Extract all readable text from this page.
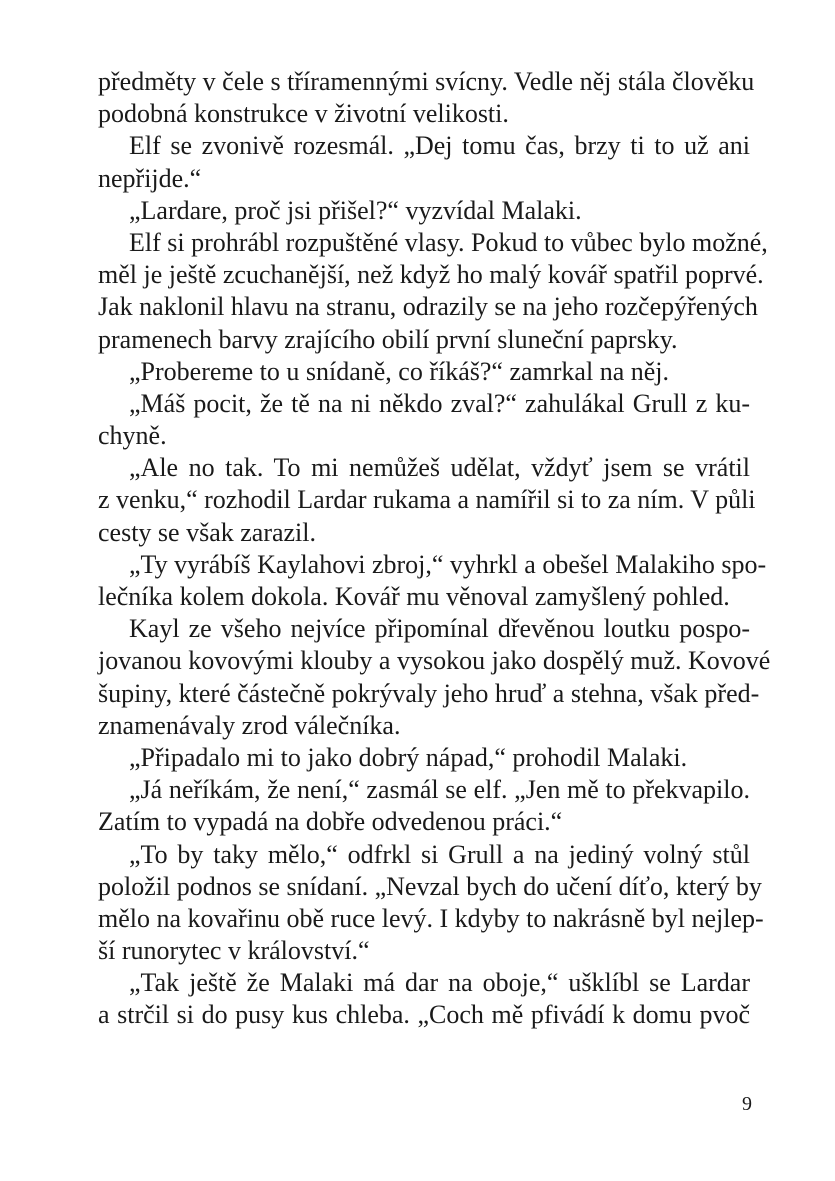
předměty v čele s tříramennými svícny. Vedle něj stála člověku
podobná konstrukce v životní velikosti.
Elf se zvonivě rozesmál. „Dej tomu čas, brzy ti to už ani
nepřijde.“
„Lardare, proč jsi přišel?“ vyzvídal Malaki.
Elf si prohrábl rozpuštěné vlasy. Pokud to vůbec bylo možné,
měl je ještě zcuchanější, než když ho malý kovář spatřil poprvé.
Jak naklonil hlavu na stranu, odrazily se na jeho rozčepýřených
pramenech barvy zrajícího obilí první sluneční paprsky.
„Probereme to u snídaně, co říkáš?“ zamrkal na něj.
„Máš pocit, že tě na ni někdo zval?“ zahulákal Grull z ku-
chyně.
„Ale no tak. To mi nemůžeš udělat, vždyť jsem se vrátil
z venku,“ rozhodil Lardar rukama a namířil si to za ním. V půli
cesty se však zarazil.
„Ty vyrábíš Kaylahovi zbroj,“ vyhrkl a obešel Malakiho spo-
lečníka kolem dokola. Kovář mu věnoval zamyšlený pohled.
Kayl ze všeho nejvíce připomínal dřevěnou loutku pospo-
jovanou kovovými klouby a vysokou jako dospělý muž. Kovové
šupiny, které částečně pokrývaly jeho hruď a stehna, však před-
znamenávaly zrod válečníka.
„Připadalo mi to jako dobrý nápad,“ prohodil Malaki.
„Já neříkám, že není,“ zasmál se elf. „Jen mě to překvapilo.
Zatím to vypadá na dobře odvedenou práci.“
„To by taky mělo,“ odfrkl si Grull a na jediný volný stůl
položil podnos se snídaní. „Nevzal bych do učení díťo, který by
mělo na kovařinu obě ruce levý. I kdyby to nakrásně byl nejlep-
ší runorytec v království.“
„Tak ještě že Malaki má dar na oboje,“ ušklíbl se Lardar
a strčil si do pusy kus chleba. „Coch mě pfivádí k domu pvoč
9
